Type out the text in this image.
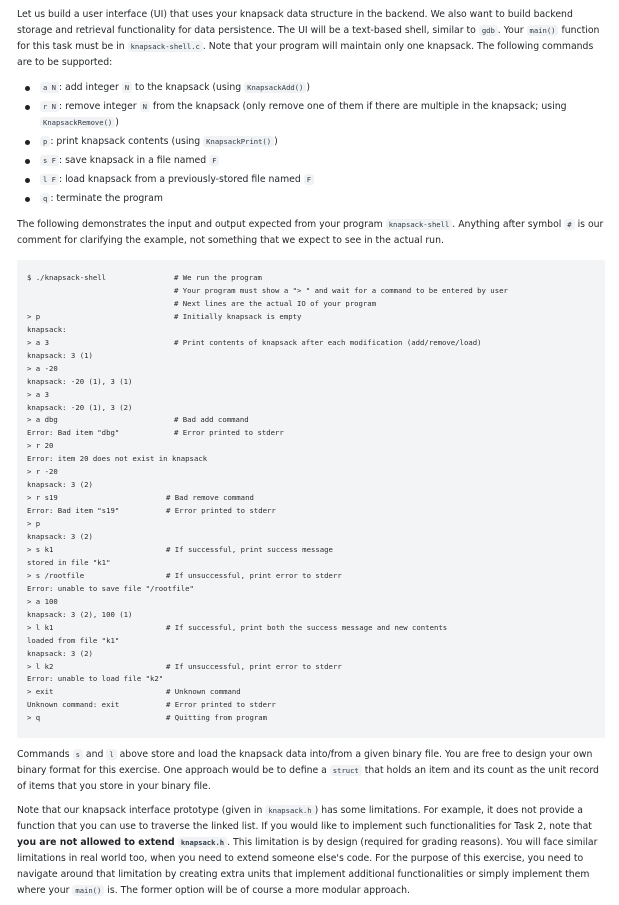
Let us build a user interface (UI) that uses your knapsack data structure in the backend. We also want to build backend storage and retrieval functionality for data persistence. The UI will be a text-based shell, similar to gdb . Your main() function for this task must be in knapsack-shell.c . Note that your program will maintain only one knapsack. The following commands are to be supported:

a N : add integer N to the knapsack (using KnapsackAdd() )
r N : remove integer N from the knapsack (only remove one of them if there are multiple in the knapsack; using KnapsackRemove() )
p : print knapsack contents (using KnapsackPrint() )
s F : save knapsack in a file named F
l F : load knapsack from a previously-stored file named F
q : terminate the program

The following demonstrates the input and output expected from your program knapsack-shell . Anything after symbol # is our comment for clarifying the example, not something that we expect to see in the actual run.

$ ./knapsack-shell	# We run the program
# Your program must show a "> " and wait for a command to be entered by user
# Next lines are the actual IO of your program
> p	# Initially knapsack is empty
knapsack:
> a 3	# Print contents of knapsack after each modification (add/remove/load)
knapsack: 3 (1)
> a -20
knapsack: -20 (1), 3 (1)
> a 3
knapsack: -20 (1), 3 (2)
> a dbg	# Bad add command
Error: Bad item "dbg"	# Error printed to stderr
> r 20
Error: item 20 does not exist in knapsack
> r -20
knapsack: 3 (2)
> r s19	# Bad remove command
Error: Bad item "s19"	# Error printed to stderr
> p
knapsack: 3 (2)
> s k1	# If successful, print success message
stored in file "k1"
> s /rootfile	# If unsuccessful, print error to stderr
Error: unable to save file "/rootfile"
> a 100
knapsack: 3 (2), 100 (1)
> l k1	# If successful, print both the success message and new contents
loaded from file "k1"
knapsack: 3 (2)
> l k2	# If unsuccessful, print error to stderr
Error: unable to load file "k2"
> exit	# Unknown command
Unknown command: exit	# Error printed to stderr
> q	# Quitting from program

Commands s and l above store and load the knapsack data into/from a given binary file. You are free to design your own binary format for this exercise. One approach would be to define a struct that holds an item and its count as the unit record of items that you store in your binary file.

Note that our knapsack interface prototype (given in knapsack.h ) has some limitations. For example, it does not provide a function that you can use to traverse the linked list. If you would like to implement such functionalities for Task 2, note that you are not allowed to extend knapsack.h . This limitation is by design (required for grading reasons). You will face similar limitations in real world too, when you need to extend someone else's code. For the purpose of this exercise, you need to navigate around that limitation by creating extra units that implement additional functionalities or simply implement them where your main() is. The former option will be of course a more modular approach.
